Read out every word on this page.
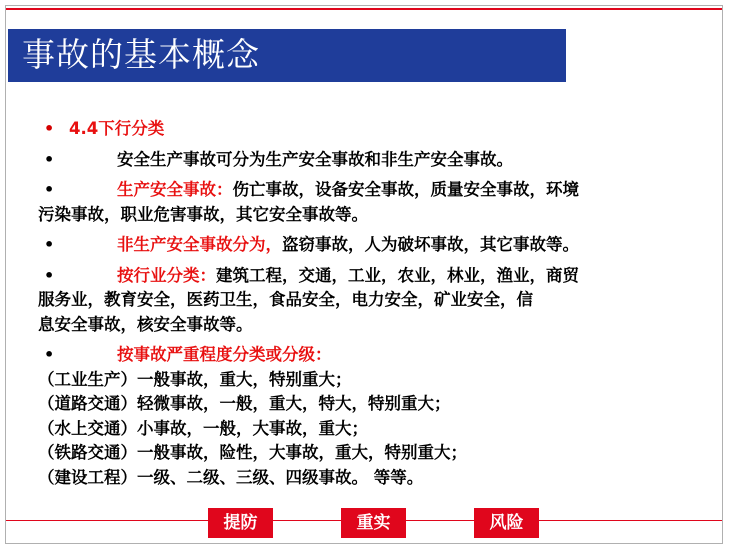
事故的基本概念
• 4.4下行分类
•	安全生产事故可分为生产安全事故和非生产安全事故。
•	生产安全事故：伤亡事故，设备安全事故，质量安全事故，环境
污染事故，职业危害事故，其它安全事故等。
•	非生产安全事故分为，盗窃事故，人为破坏事故，其它事故等。
•	按行业分类：建筑工程，交通，工业，农业，林业，渔业，商贸
服务业，教育安全，医药卫生，食品安全，电力安全，矿业安全，信
息安全事故，核安全事故等。
•	按事故严重程度分类或分级：
（工业生产）一般事故，重大，特别重大；
（道路交通）轻微事故，一般，重大，特大，特别重大；
（水上交通）小事故，一般，大事故，重大；
（铁路交通）一般事故，险性，大事故，重大，特别重大；
（建设工程）一级、二级、三级、四级事故。 等等。
提防	重实	风险
